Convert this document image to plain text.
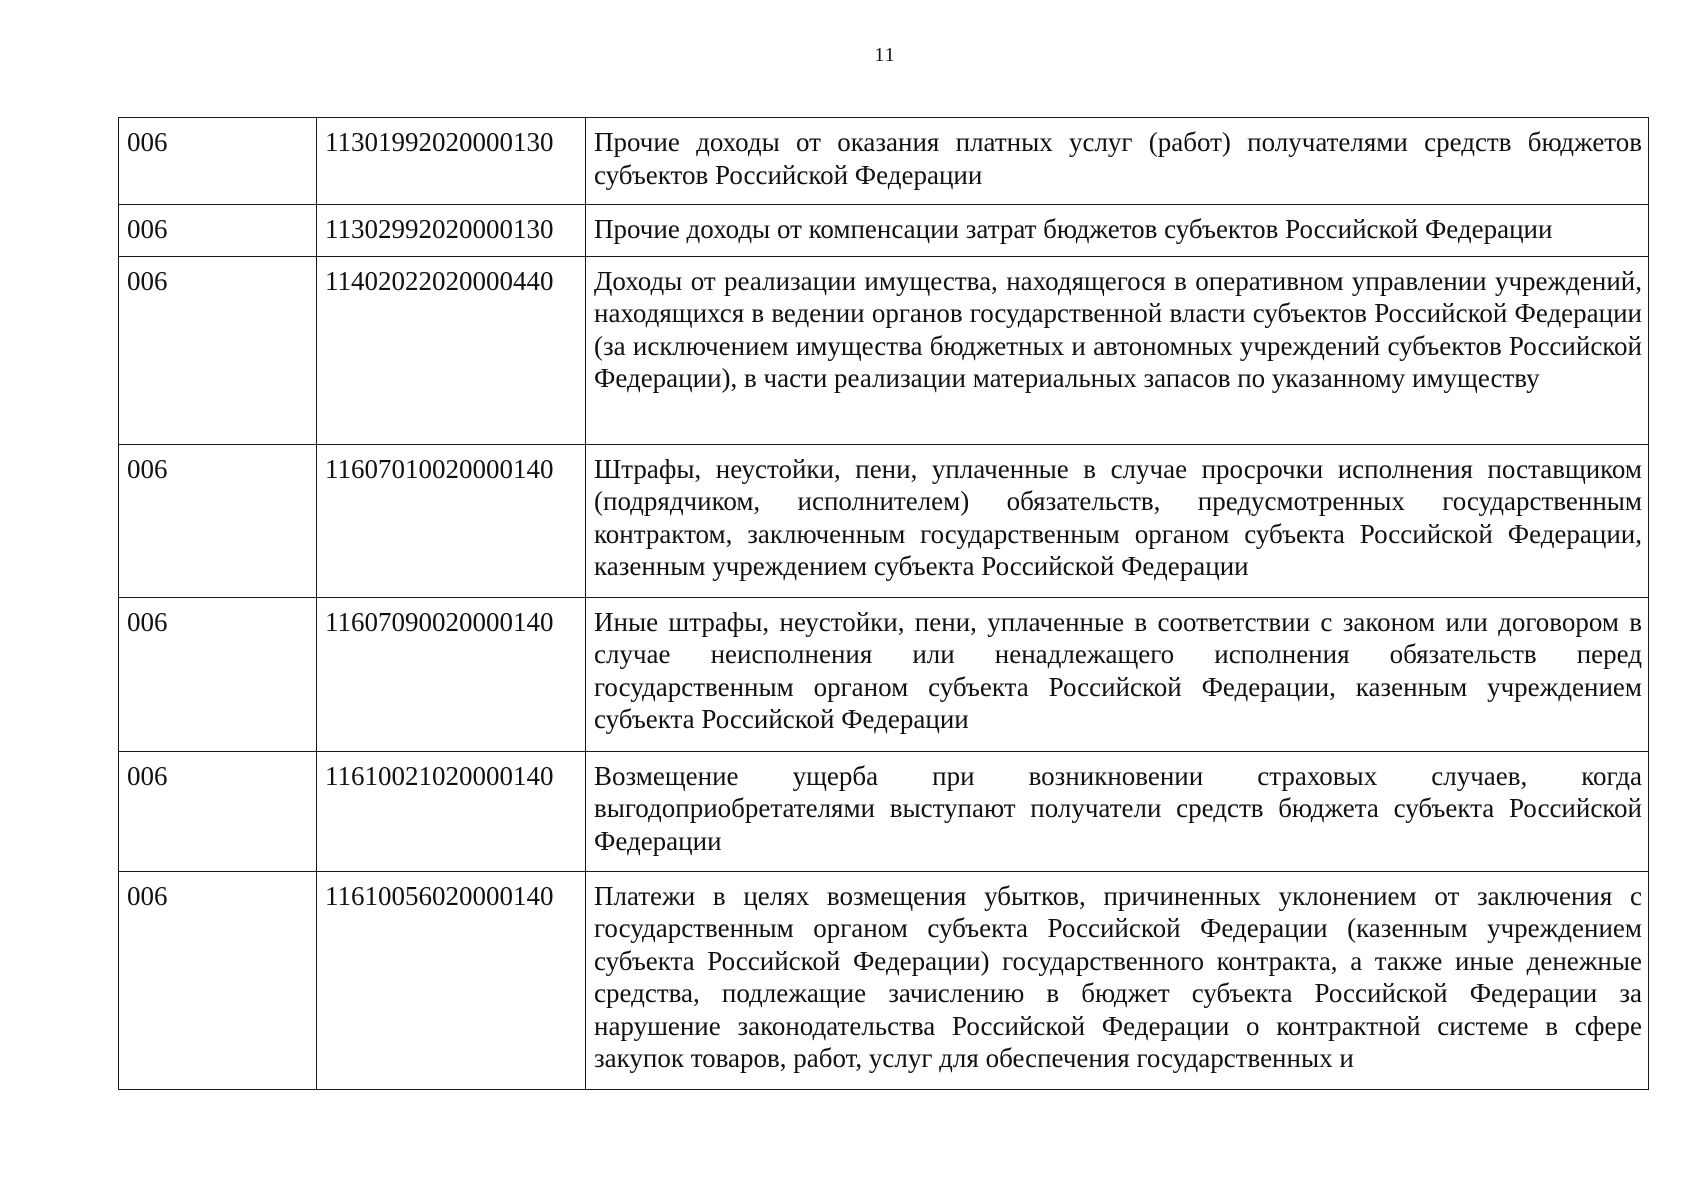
11
006	11301992020000130	Прочие доходы от оказания платных услуг (работ) получателями средств бюджетов субъектов Российской Федерации
006	11302992020000130	Прочие доходы от компенсации затрат бюджетов субъектов Российской Федерации
006	11402022020000440	Доходы от реализации имущества, находящегося в оперативном управлении учреждений, находящихся в ведении органов государственной власти субъектов Российской Федерации (за исключением имущества бюджетных и автономных учреждений субъектов Российской Федерации), в части реализации материальных запасов по указанному имуществу
006	11607010020000140	Штрафы, неустойки, пени, уплаченные в случае просрочки исполнения поставщиком (подрядчиком, исполнителем) обязательств, предусмотренных государственным контрактом, заключенным государственным органом субъекта Российской Федерации, казенным учреждением субъекта Российской Федерации
006	11607090020000140	Иные штрафы, неустойки, пени, уплаченные в соответствии с законом или договором в случае неисполнения или ненадлежащего исполнения обязательств перед государственным органом субъекта Российской Федерации, казенным учреждением субъекта Российской Федерации
006	11610021020000140	Возмещение ущерба при возникновении страховых случаев, когда выгодоприобретателями выступают получатели средств бюджета субъекта Российской Федерации
006	11610056020000140	Платежи в целях возмещения убытков, причиненных уклонением от заключения с государственным органом субъекта Российской Федерации (казенным учреждением субъекта Российской Федерации) государственного контракта, а также иные денежные средства, подлежащие зачислению в бюджет субъекта Российской Федерации за нарушение законодательства Российской Федерации о контрактной системе в сфере закупок товаров, работ, услуг для обеспечения государственных и
